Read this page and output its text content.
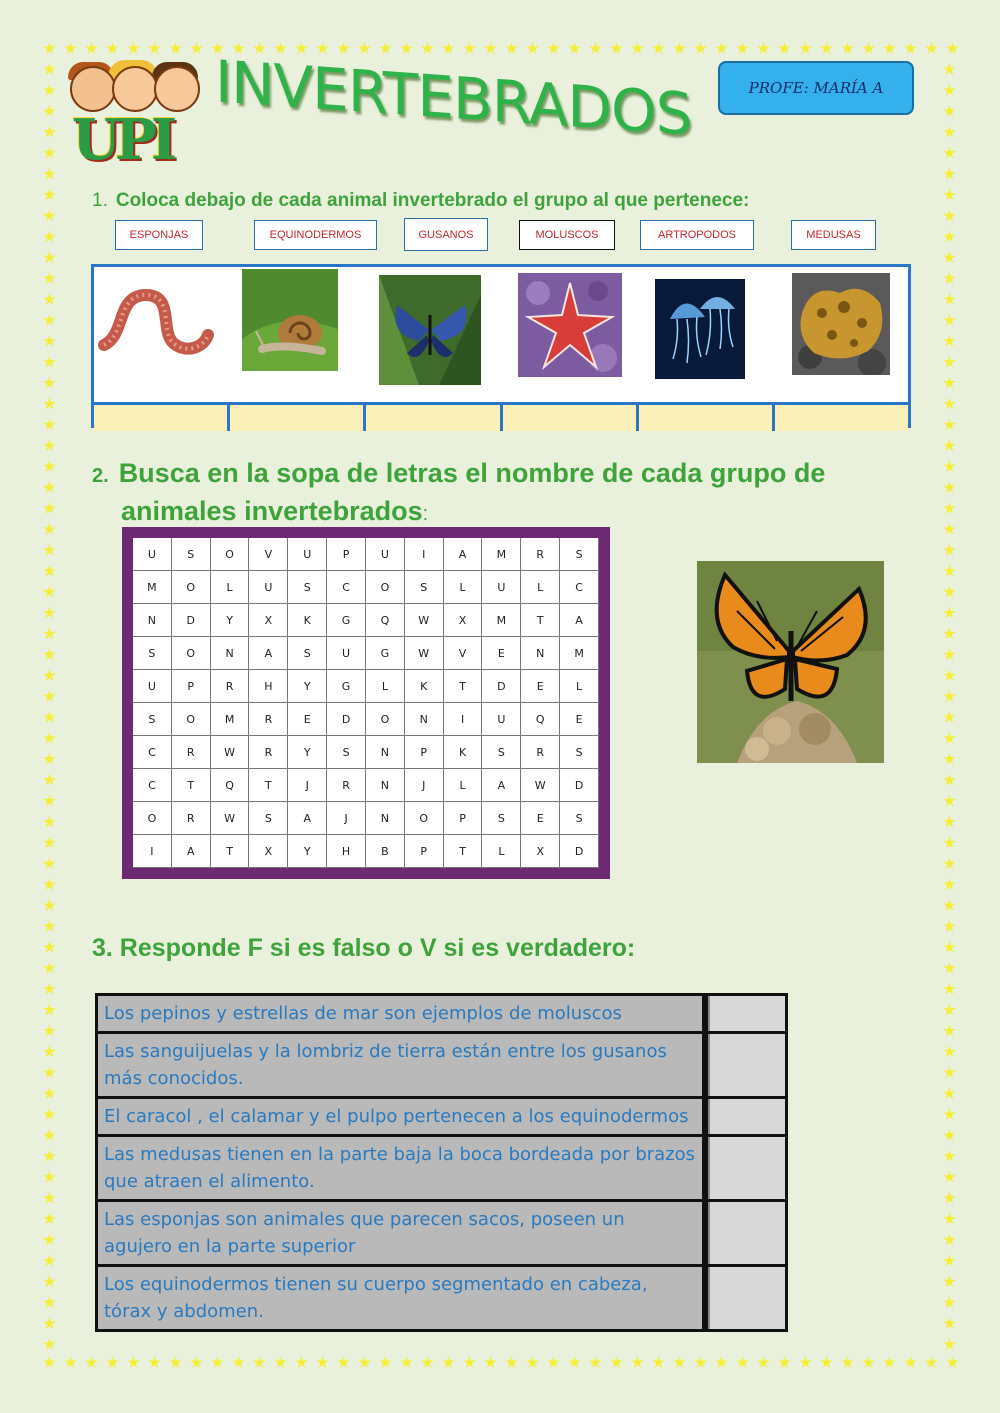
UPI INVERTEBRADOS	PROFE: MARÍA A
1. Coloca debajo de cada animal invertebrado el grupo al que pertenece:
ESPONJAS	EQUINODERMOS	GUSANOS	MOLUSCOS	ARTROPODOS	MEDUSAS
2. Busca en la sopa de letras el nombre de cada grupo de
animales invertebrados:
U	S	O	V	U	P	U	I	A	M	R	S
M	O	L	U	S	C	O	S	L	U	L	C
N	D	Y	X	K	G	Q	W	X	M	T	A
S	O	N	A	S	U	G	W	V	E	N	M
U	P	R	H	Y	G	L	K	T	D	E	L
S	O	M	R	E	D	O	N	I	U	Q	E
C	R	W	R	Y	S	N	P	K	S	R	S
C	T	Q	T	J	R	N	J	L	A	W	D
O	R	W	S	A	J	N	O	P	S	E	S
I	A	T	X	Y	H	B	P	T	L	X	D
3. Responde F si es falso o V si es verdadero:
Los pepinos y estrellas de mar son ejemplos de moluscos
Las sanguijuelas y la lombriz de tierra están entre los gusanos más conocidos.
El caracol , el calamar y el pulpo pertenecen a los equinodermos
Las medusas tienen en la parte baja la boca bordeada por brazos que atraen el alimento.
Las esponjas son animales que parecen sacos, poseen un agujero en la parte superior
Los equinodermos tienen su cuerpo segmentado en cabeza, tórax y abdomen.
